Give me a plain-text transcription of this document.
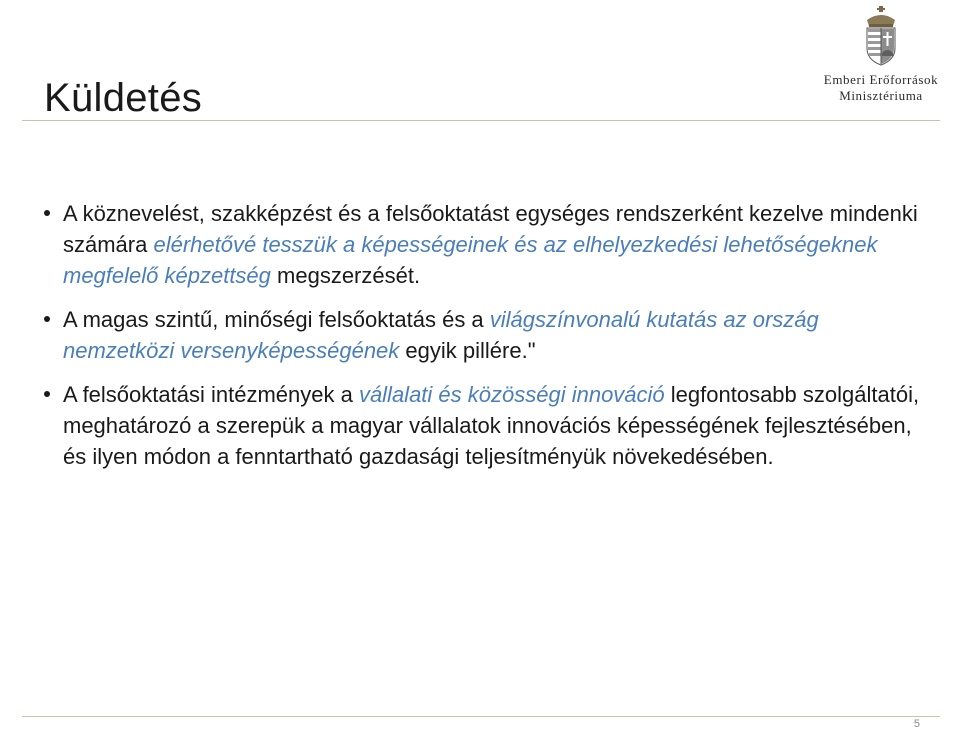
Emberi Erőforrások
Minisztériuma
Küldetés
A köznevelést, szakképzést és a felsőoktatást egységes rendszerként kezelve mindenki számára elérhetővé tesszük a képességeinek és az elhelyezkedési lehetőségeknek megfelelő képzettség megszerzését.
A magas szintű, minőségi felsőoktatás és a világszínvonalú kutatás az ország nemzetközi versenyképességének egyik pillére."
A felsőoktatási intézmények a vállalati és közösségi innováció legfontosabb szolgáltatói, meghatározó a szerepük a magyar vállalatok innovációs képességének fejlesztésében, és ilyen módon a fenntartható gazdasági teljesítményük növekedésében.
5
